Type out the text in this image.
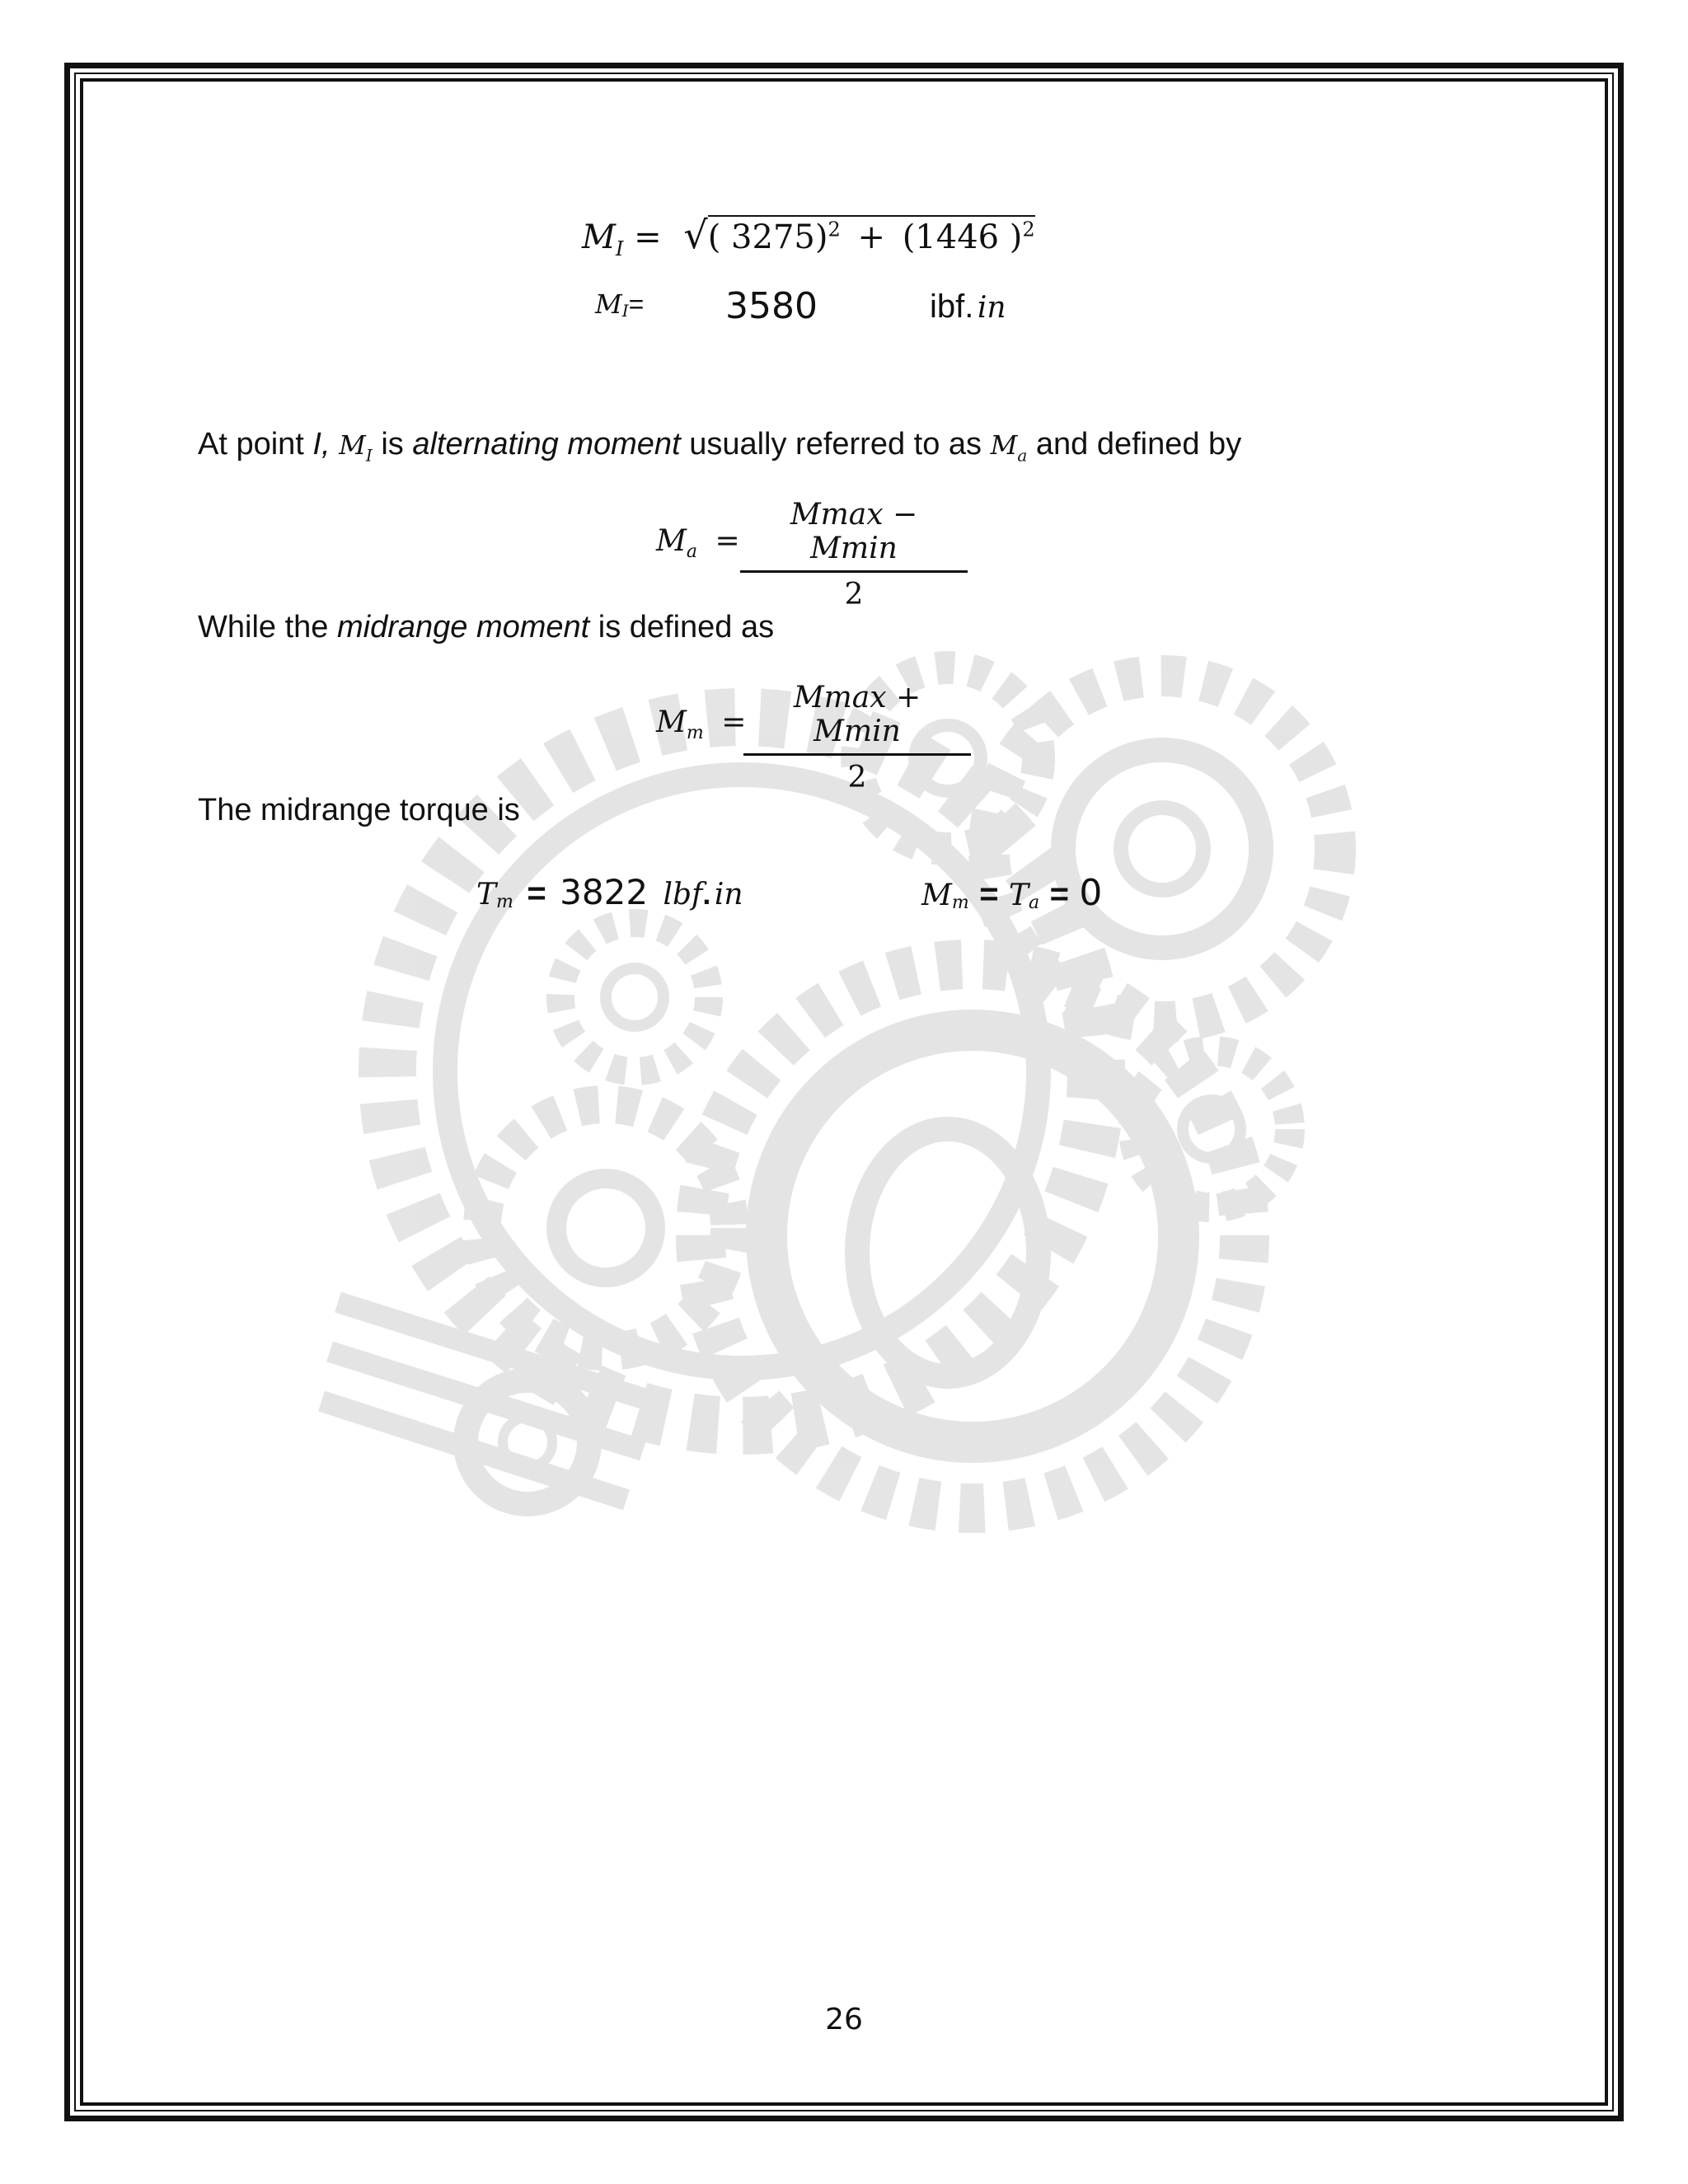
$M_I$ = √( 3275)$^2$ + (1446 )$^2$
$M_I= 3580$	ibf. in
At point I, $M_I$ is alternating moment usually referred to as $M_a$ and defined by
$M_a$ =
Mmax − Mmin
2
While the midrange moment is defined as
$M_m$ =
Mmax + Mmin
2
The midrange torque is
$T_m = 3822$ lbf. in	$M_m = T_a = 0$
26
